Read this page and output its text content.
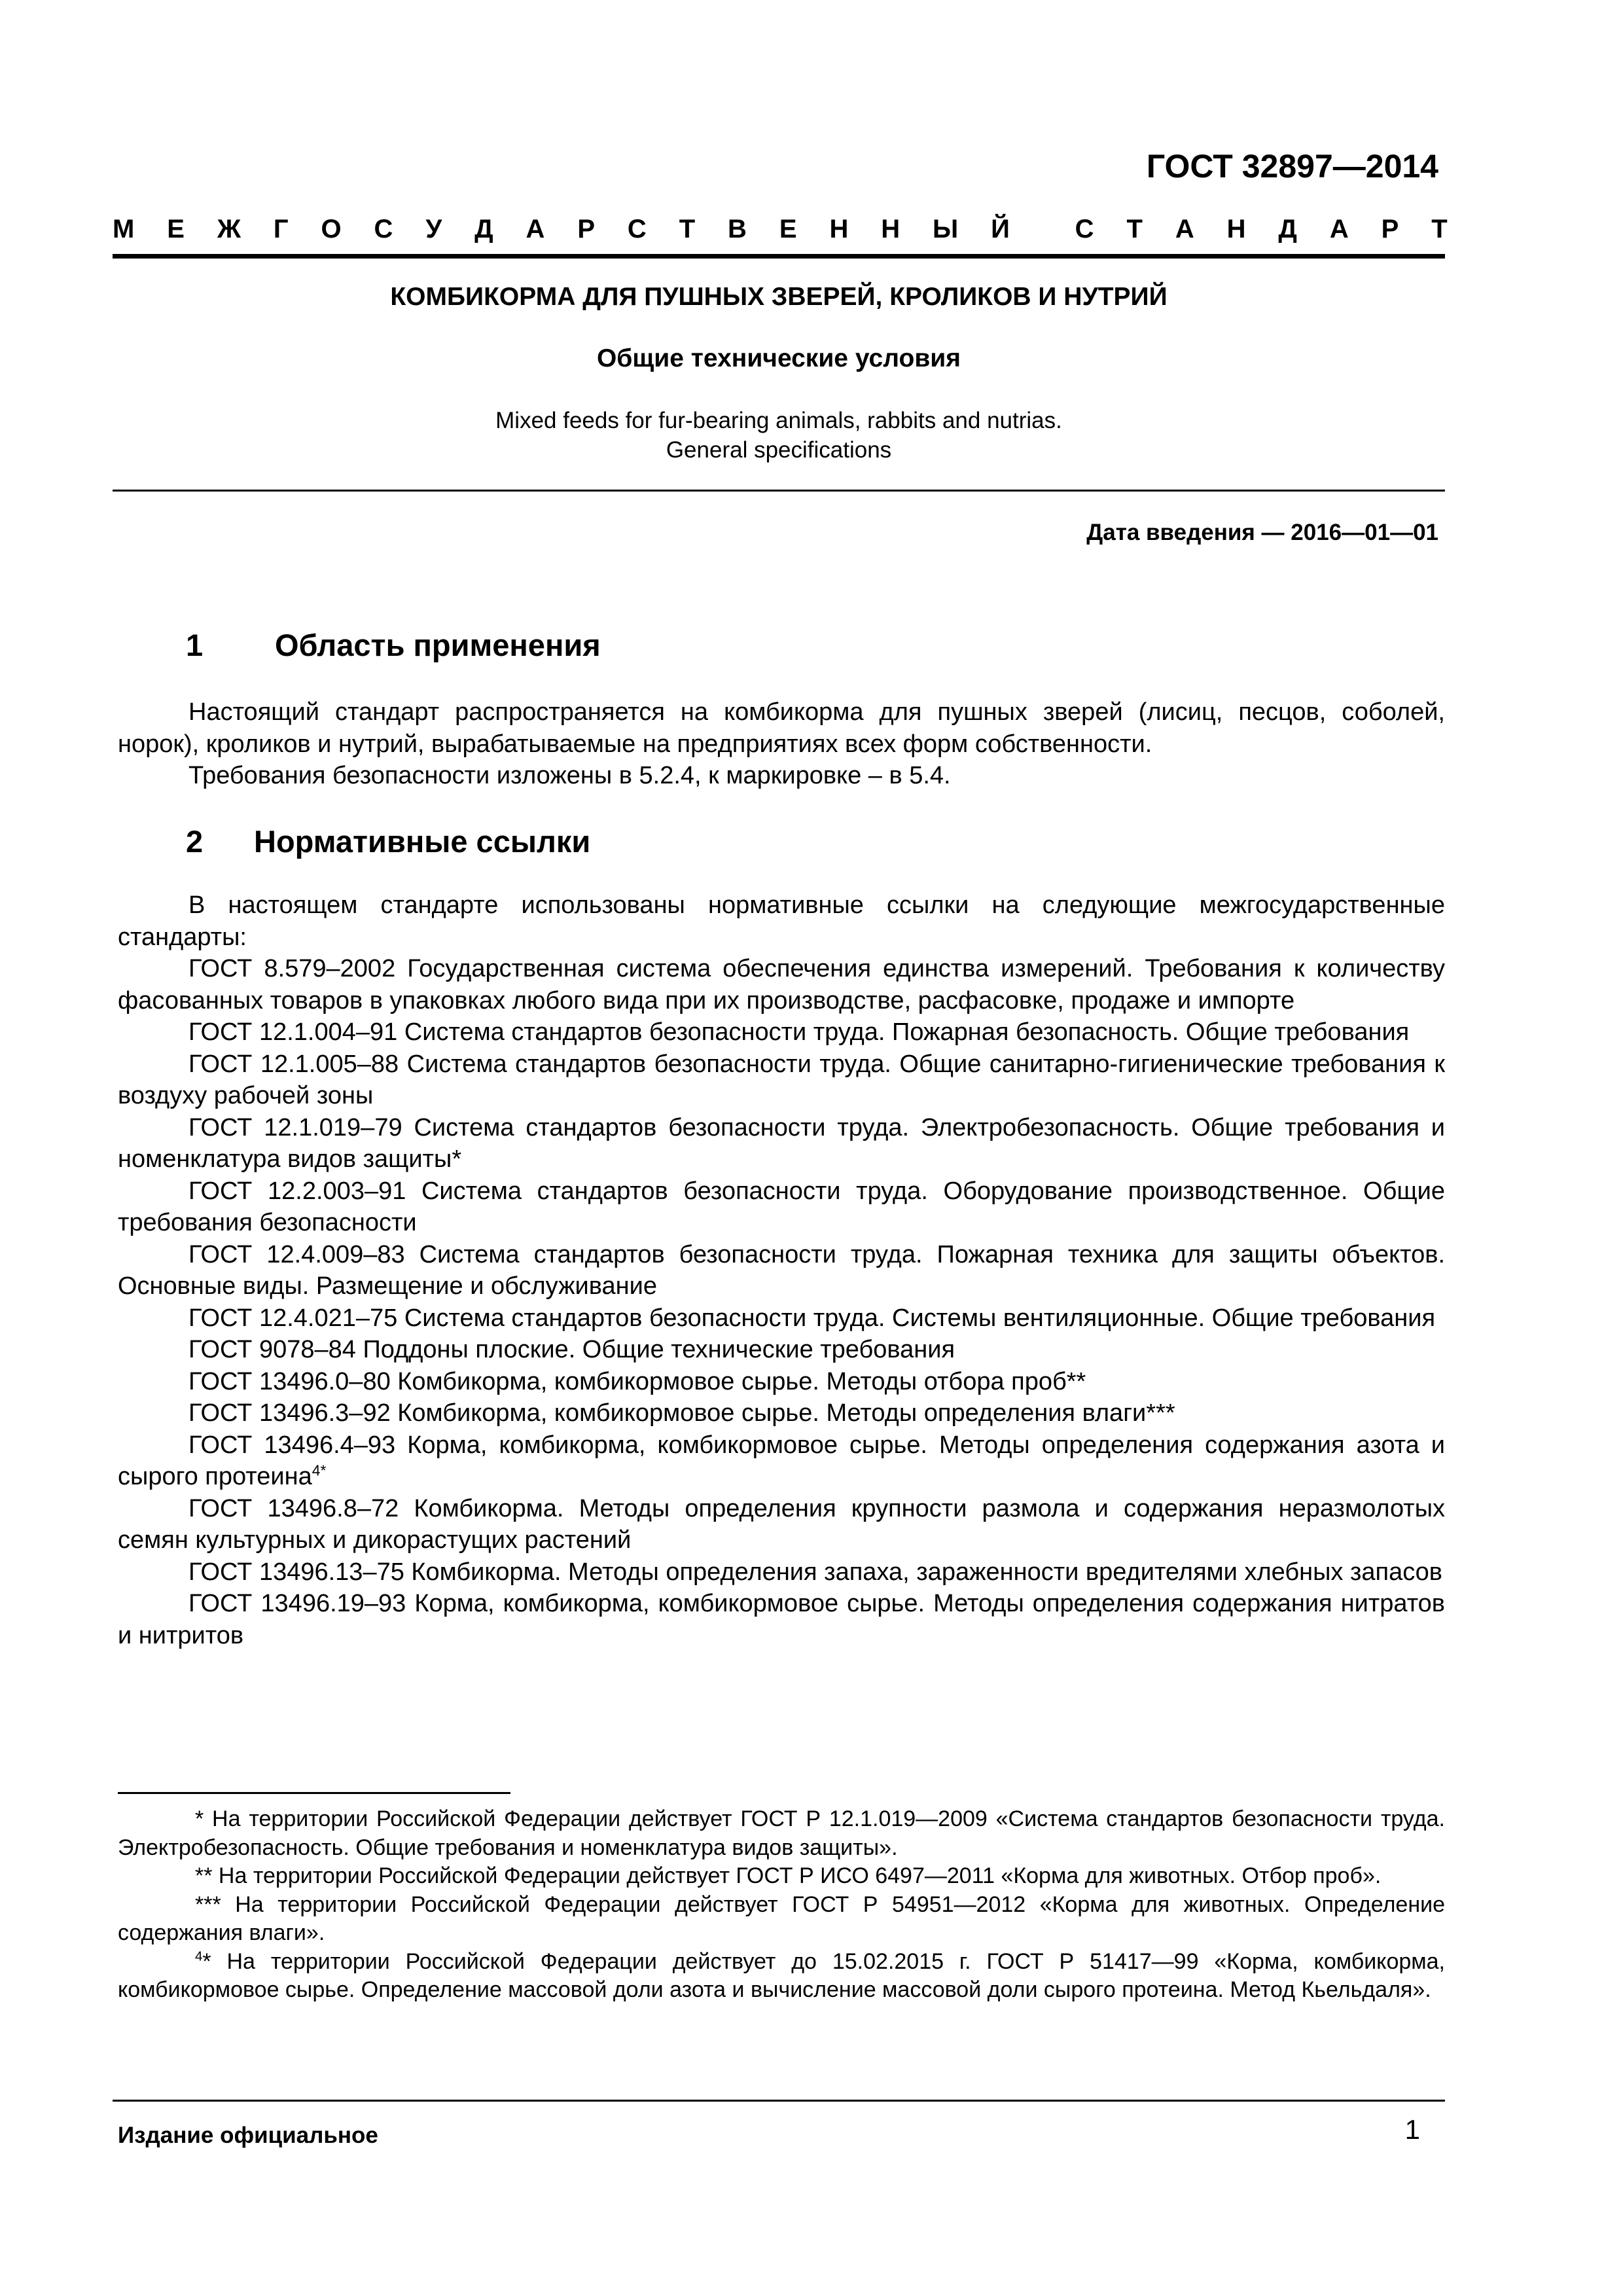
ГОСТ 32897—2014
М Е Ж Г О С У Д А Р С Т В Е Н Н Ы Й С Т А Н Д А Р Т
КОМБИКОРМА ДЛЯ ПУШНЫХ ЗВЕРЕЙ, КРОЛИКОВ И НУТРИЙ
Общие технические условия
Mixed feeds for fur-bearing animals, rabbits and nutrias.
General specifications
Дата введения — 2016—01—01
1 Область применения

Настоящий стандарт распространяется на комбикорма для пушных зверей (лисиц, песцов, соболей, норок), кроликов и нутрий, вырабатываемые на предприятиях всех форм собственности.

Требования безопасности изложены в 5.2.4, к маркировке – в 5.4.

2 Нормативные ссылки

В настоящем стандарте использованы нормативные ссылки на следующие межгосударственные стандарты:

ГОСТ 8.579–2002 Государственная система обеспечения единства измерений. Требования к количеству фасованных товаров в упаковках любого вида при их производстве, расфасовке, продаже и импорте

ГОСТ 12.1.004–91 Система стандартов безопасности труда. Пожарная безопасность. Общие требования

ГОСТ 12.1.005–88 Система стандартов безопасности труда. Общие санитарно-гигиенические требования к воздуху рабочей зоны

ГОСТ 12.1.019–79 Система стандартов безопасности труда. Электробезопасность. Общие требования и номенклатура видов защиты*

ГОСТ 12.2.003–91 Система стандартов безопасности труда. Оборудование производственное. Общие требования безопасности

ГОСТ 12.4.009–83 Система стандартов безопасности труда. Пожарная техника для защиты объектов. Основные виды. Размещение и обслуживание

ГОСТ 12.4.021–75 Система стандартов безопасности труда. Системы вентиляционные. Общие требования

ГОСТ 9078–84 Поддоны плоские. Общие технические требования

ГОСТ 13496.0–80 Комбикорма, комбикормовое сырье. Методы отбора проб**

ГОСТ 13496.3–92 Комбикорма, комбикормовое сырье. Методы определения влаги***

ГОСТ 13496.4–93 Корма, комбикорма, комбикормовое сырье. Методы определения содержания азота и сырого протеина$^{4*}$

ГОСТ 13496.8–72 Комбикорма. Методы определения крупности размола и содержания неразмолотых семян культурных и дикорастущих растений

ГОСТ 13496.13–75 Комбикорма. Методы определения запаха, зараженности вредителями хлебных запасов

ГОСТ 13496.19–93 Корма, комбикорма, комбикормовое сырье. Методы определения содержания нитратов и нитритов

* На территории Российской Федерации действует ГОСТ Р 12.1.019—2009 «Система стандартов безопасности труда. Электробезопасность. Общие требования и номенклатура видов защиты».

** На территории Российской Федерации действует ГОСТ Р ИСО 6497—2011 «Корма для животных. Отбор проб».

*** На территории Российской Федерации действует ГОСТ Р 54951—2012 «Корма для животных. Определение содержания влаги».

$^4$* На территории Российской Федерации действует до 15.02.2015 г. ГОСТ Р 51417—99 «Корма, комбикорма, комбикормовое сырье. Определение массовой доли азота и вычисление массовой доли сырого протеина. Метод Кьельдаля».

Издание официальное	1
